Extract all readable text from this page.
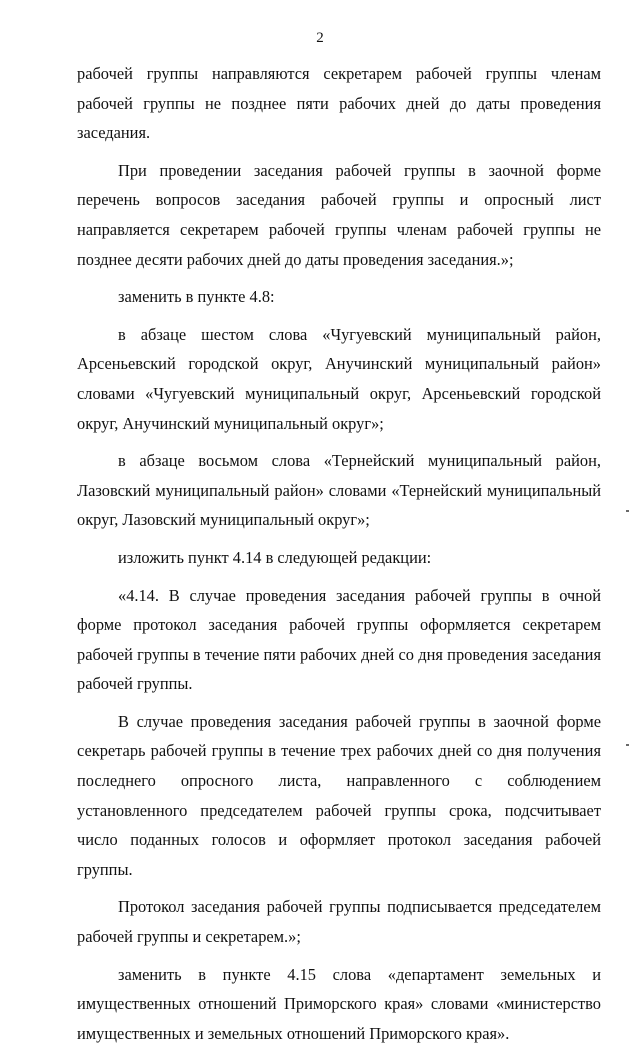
2

рабочей группы направляются секретарем рабочей группы членам рабочей группы не позднее пяти рабочих дней до даты проведения заседания.

При проведении заседания рабочей группы в заочной форме перечень вопросов заседания рабочей группы и опросный лист направляется секретарем рабочей группы членам рабочей группы не позднее десяти рабочих дней до даты проведения заседания.»;

заменить в пункте 4.8:

в абзаце шестом слова «Чугуевский муниципальный район, Арсеньевский городской округ, Анучинский муниципальный район» словами «Чугуевский муниципальный округ, Арсеньевский городской округ, Анучинский муниципальный округ»;

в абзаце восьмом слова «Тернейский муниципальный район, Лазовский муниципальный район» словами «Тернейский муниципальный округ, Лазовский муниципальный округ»;

изложить пункт 4.14 в следующей редакции:

«4.14. В случае проведения заседания рабочей группы в очной форме протокол заседания рабочей группы оформляется секретарем рабочей группы в течение пяти рабочих дней со дня проведения заседания рабочей группы.

В случае проведения заседания рабочей группы в заочной форме секретарь рабочей группы в течение трех рабочих дней со дня получения последнего опросного листа, направленного с соблюдением установленного председателем рабочей группы срока, подсчитывает число поданных голосов и оформляет протокол заседания рабочей группы.

Протокол заседания рабочей группы подписывается председателем рабочей группы и секретарем.»;

заменить в пункте 4.15 слова «департамент земельных и имущественных отношений Приморского края» словами «министерство имущественных и земельных отношений Приморского края».
